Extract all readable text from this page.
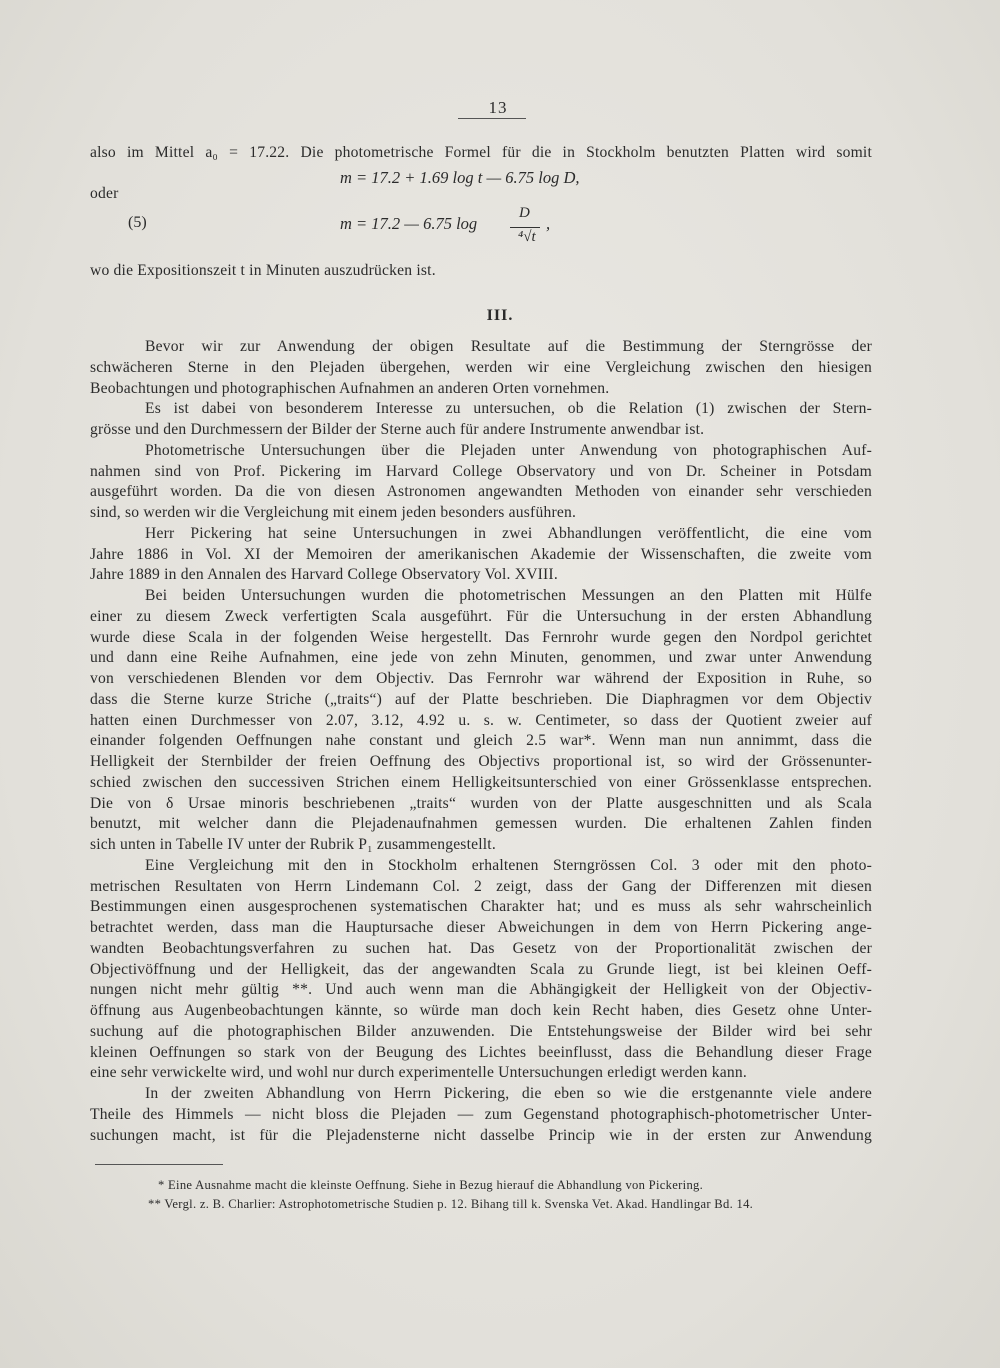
13
also im Mittel a₀ = 17.22. Die photometrische Formel für die in Stockholm benutzten Platten wird somit
m = 17.2 + 1.69 log t — 6.75 log D,
oder
(5)	m = 17.2 — 6.75 log
D
⁴√t
,
wo die Expositionszeit t in Minuten auszudrücken ist.
III.
Bevor wir zur Anwendung der obigen Resultate auf die Bestimmung der Sterngrösse der
schwächeren Sterne in den Plejaden übergehen, werden wir eine Vergleichung zwischen den hiesigen
Beobachtungen und photographischen Aufnahmen an anderen Orten vornehmen.
Es ist dabei von besonderem Interesse zu untersuchen, ob die Relation (1) zwischen der Stern-
grösse und den Durchmessern der Bilder der Sterne auch für andere Instrumente anwendbar ist.
Photometrische Untersuchungen über die Plejaden unter Anwendung von photographischen Auf-
nahmen sind von Prof. Pickering im Harvard College Observatory und von Dr. Scheiner in Potsdam
ausgeführt worden. Da die von diesen Astronomen angewandten Methoden von einander sehr verschieden
sind, so werden wir die Vergleichung mit einem jeden besonders ausführen.
Herr Pickering hat seine Untersuchungen in zwei Abhandlungen veröffentlicht, die eine vom
Jahre 1886 in Vol. XI der Memoiren der amerikanischen Akademie der Wissenschaften, die zweite vom
Jahre 1889 in den Annalen des Harvard College Observatory Vol. XVIII.
Bei beiden Untersuchungen wurden die photometrischen Messungen an den Platten mit Hülfe
einer zu diesem Zweck verfertigten Scala ausgeführt. Für die Untersuchung in der ersten Abhandlung
wurde diese Scala in der folgenden Weise hergestellt. Das Fernrohr wurde gegen den Nordpol gerichtet
und dann eine Reihe Aufnahmen, eine jede von zehn Minuten, genommen, und zwar unter Anwendung
von verschiedenen Blenden vor dem Objectiv. Das Fernrohr war während der Exposition in Ruhe, so
dass die Sterne kurze Striche („traits“) auf der Platte beschrieben. Die Diaphragmen vor dem Objectiv
hatten einen Durchmesser von 2.07, 3.12, 4.92 u. s. w. Centimeter, so dass der Quotient zweier auf
einander folgenden Oeffnungen nahe constant und gleich 2.5 war*. Wenn man nun annimmt, dass die
Helligkeit der Sternbilder der freien Oeffnung des Objectivs proportional ist, so wird der Grössenunter-
schied zwischen den successiven Strichen einem Helligkeitsunterschied von einer Grössenklasse entsprechen.
Die von δ Ursae minoris beschriebenen „traits“ wurden von der Platte ausgeschnitten und als Scala
benutzt, mit welcher dann die Plejadenaufnahmen gemessen wurden. Die erhaltenen Zahlen finden
sich unten in Tabelle IV unter der Rubrik P₁ zusammengestellt.
Eine Vergleichung mit den in Stockholm erhaltenen Sterngrössen Col. 3 oder mit den photo-
metrischen Resultaten von Herrn Lindemann Col. 2 zeigt, dass der Gang der Differenzen mit diesen
Bestimmungen einen ausgesprochenen systematischen Charakter hat; und es muss als sehr wahrscheinlich
betrachtet werden, dass man die Hauptursache dieser Abweichungen in dem von Herrn Pickering ange-
wandten Beobachtungsverfahren zu suchen hat. Das Gesetz von der Proportionalität zwischen der
Objectivöffnung und der Helligkeit, das der angewandten Scala zu Grunde liegt, ist bei kleinen Oeff-
nungen nicht mehr gültig **. Und auch wenn man die Abhängigkeit der Helligkeit von der Objectiv-
öffnung aus Augenbeobachtungen kännte, so würde man doch kein Recht haben, dies Gesetz ohne Unter-
suchung auf die photographischen Bilder anzuwenden. Die Entstehungsweise der Bilder wird bei sehr
kleinen Oeffnungen so stark von der Beugung des Lichtes beeinflusst, dass die Behandlung dieser Frage
eine sehr verwickelte wird, und wohl nur durch experimentelle Untersuchungen erledigt werden kann.
In der zweiten Abhandlung von Herrn Pickering, die eben so wie die erstgenannte viele andere
Theile des Himmels — nicht bloss die Plejaden — zum Gegenstand photographisch-photometrischer Unter-
suchungen macht, ist für die Plejadensterne nicht dasselbe Princip wie in der ersten zur Anwendung
* Eine Ausnahme macht die kleinste Oeffnung. Siehe in Bezug hierauf die Abhandlung von Pickering.
** Vergl. z. B. Charlier: Astrophotometrische Studien p. 12. Bihang till k. Svenska Vet. Akad. Handlingar Bd. 14.
